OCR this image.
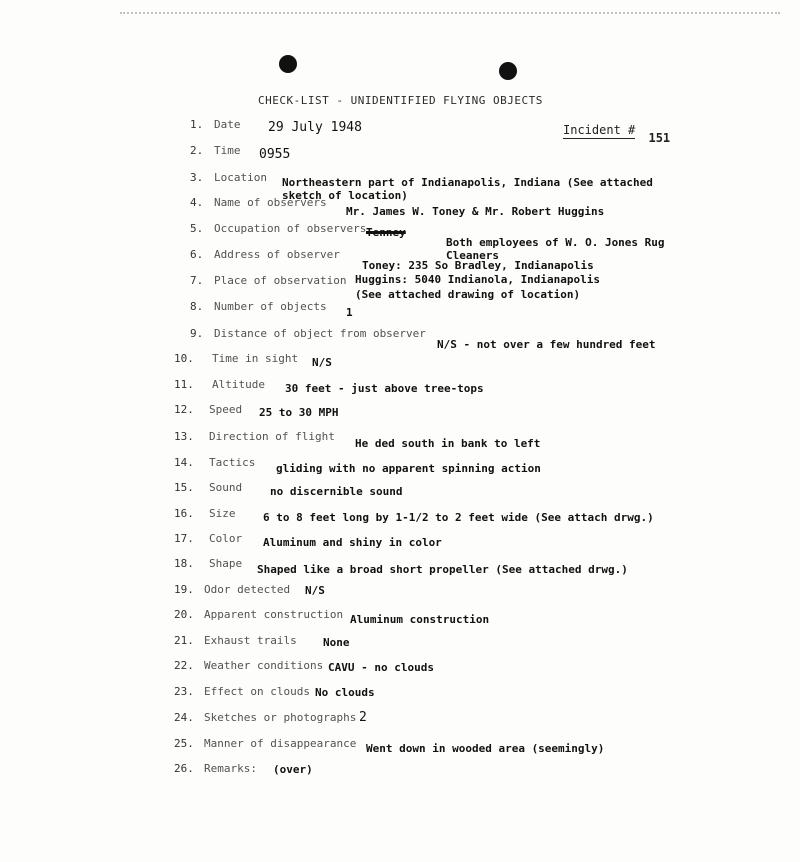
CHECK-LIST - UNIDENTIFIED FLYING OBJECTS
Incident # 151
1. Date 29 July 1948
2. Time 0955
3. Location Northeastern part of Indianapolis, Indiana (See attached
sketch of location)
4. Name of observers
Mr. James W. Toney & Mr. Robert Huggins
5. Occupation of observers Tenney
Both employees of W. O. Jones Rug
Cleaners
6. Address of observer
Toney: 235 So Bradley, Indianapolis
7. Place of observation Huggins: 5040 Indianola, Indianapolis
(See attached drawing of location)
8. Number of objects 1
9. Distance of object from observer
N/S - not over a few hundred feet
10. Time in sight N/S
11. Altitude 30 feet - just above tree-tops
12. Speed 25 to 30 MPH
13. Direction of flight
He ded south in bank to left
14. Tactics gliding with no apparent spinning action
15. Sound	no discernible sound
16. Size	6 to 8 feet long by 1-1/2 to 2 feet wide (See attach drwg.)
17. Color Aluminum and shiny in color
18. Shape Shaped like a broad short propeller (See attached drwg.)
19. Odor detected N/S
20. Apparent construction Aluminum construction
21. Exhaust trails None
22. Weather conditions CAVU - no clouds
23. Effect on clouds No clouds
24. Sketches or photographs 2
25. Manner of disappearance Went down in wooded area (seemingly)
26. Remarks: (over)
